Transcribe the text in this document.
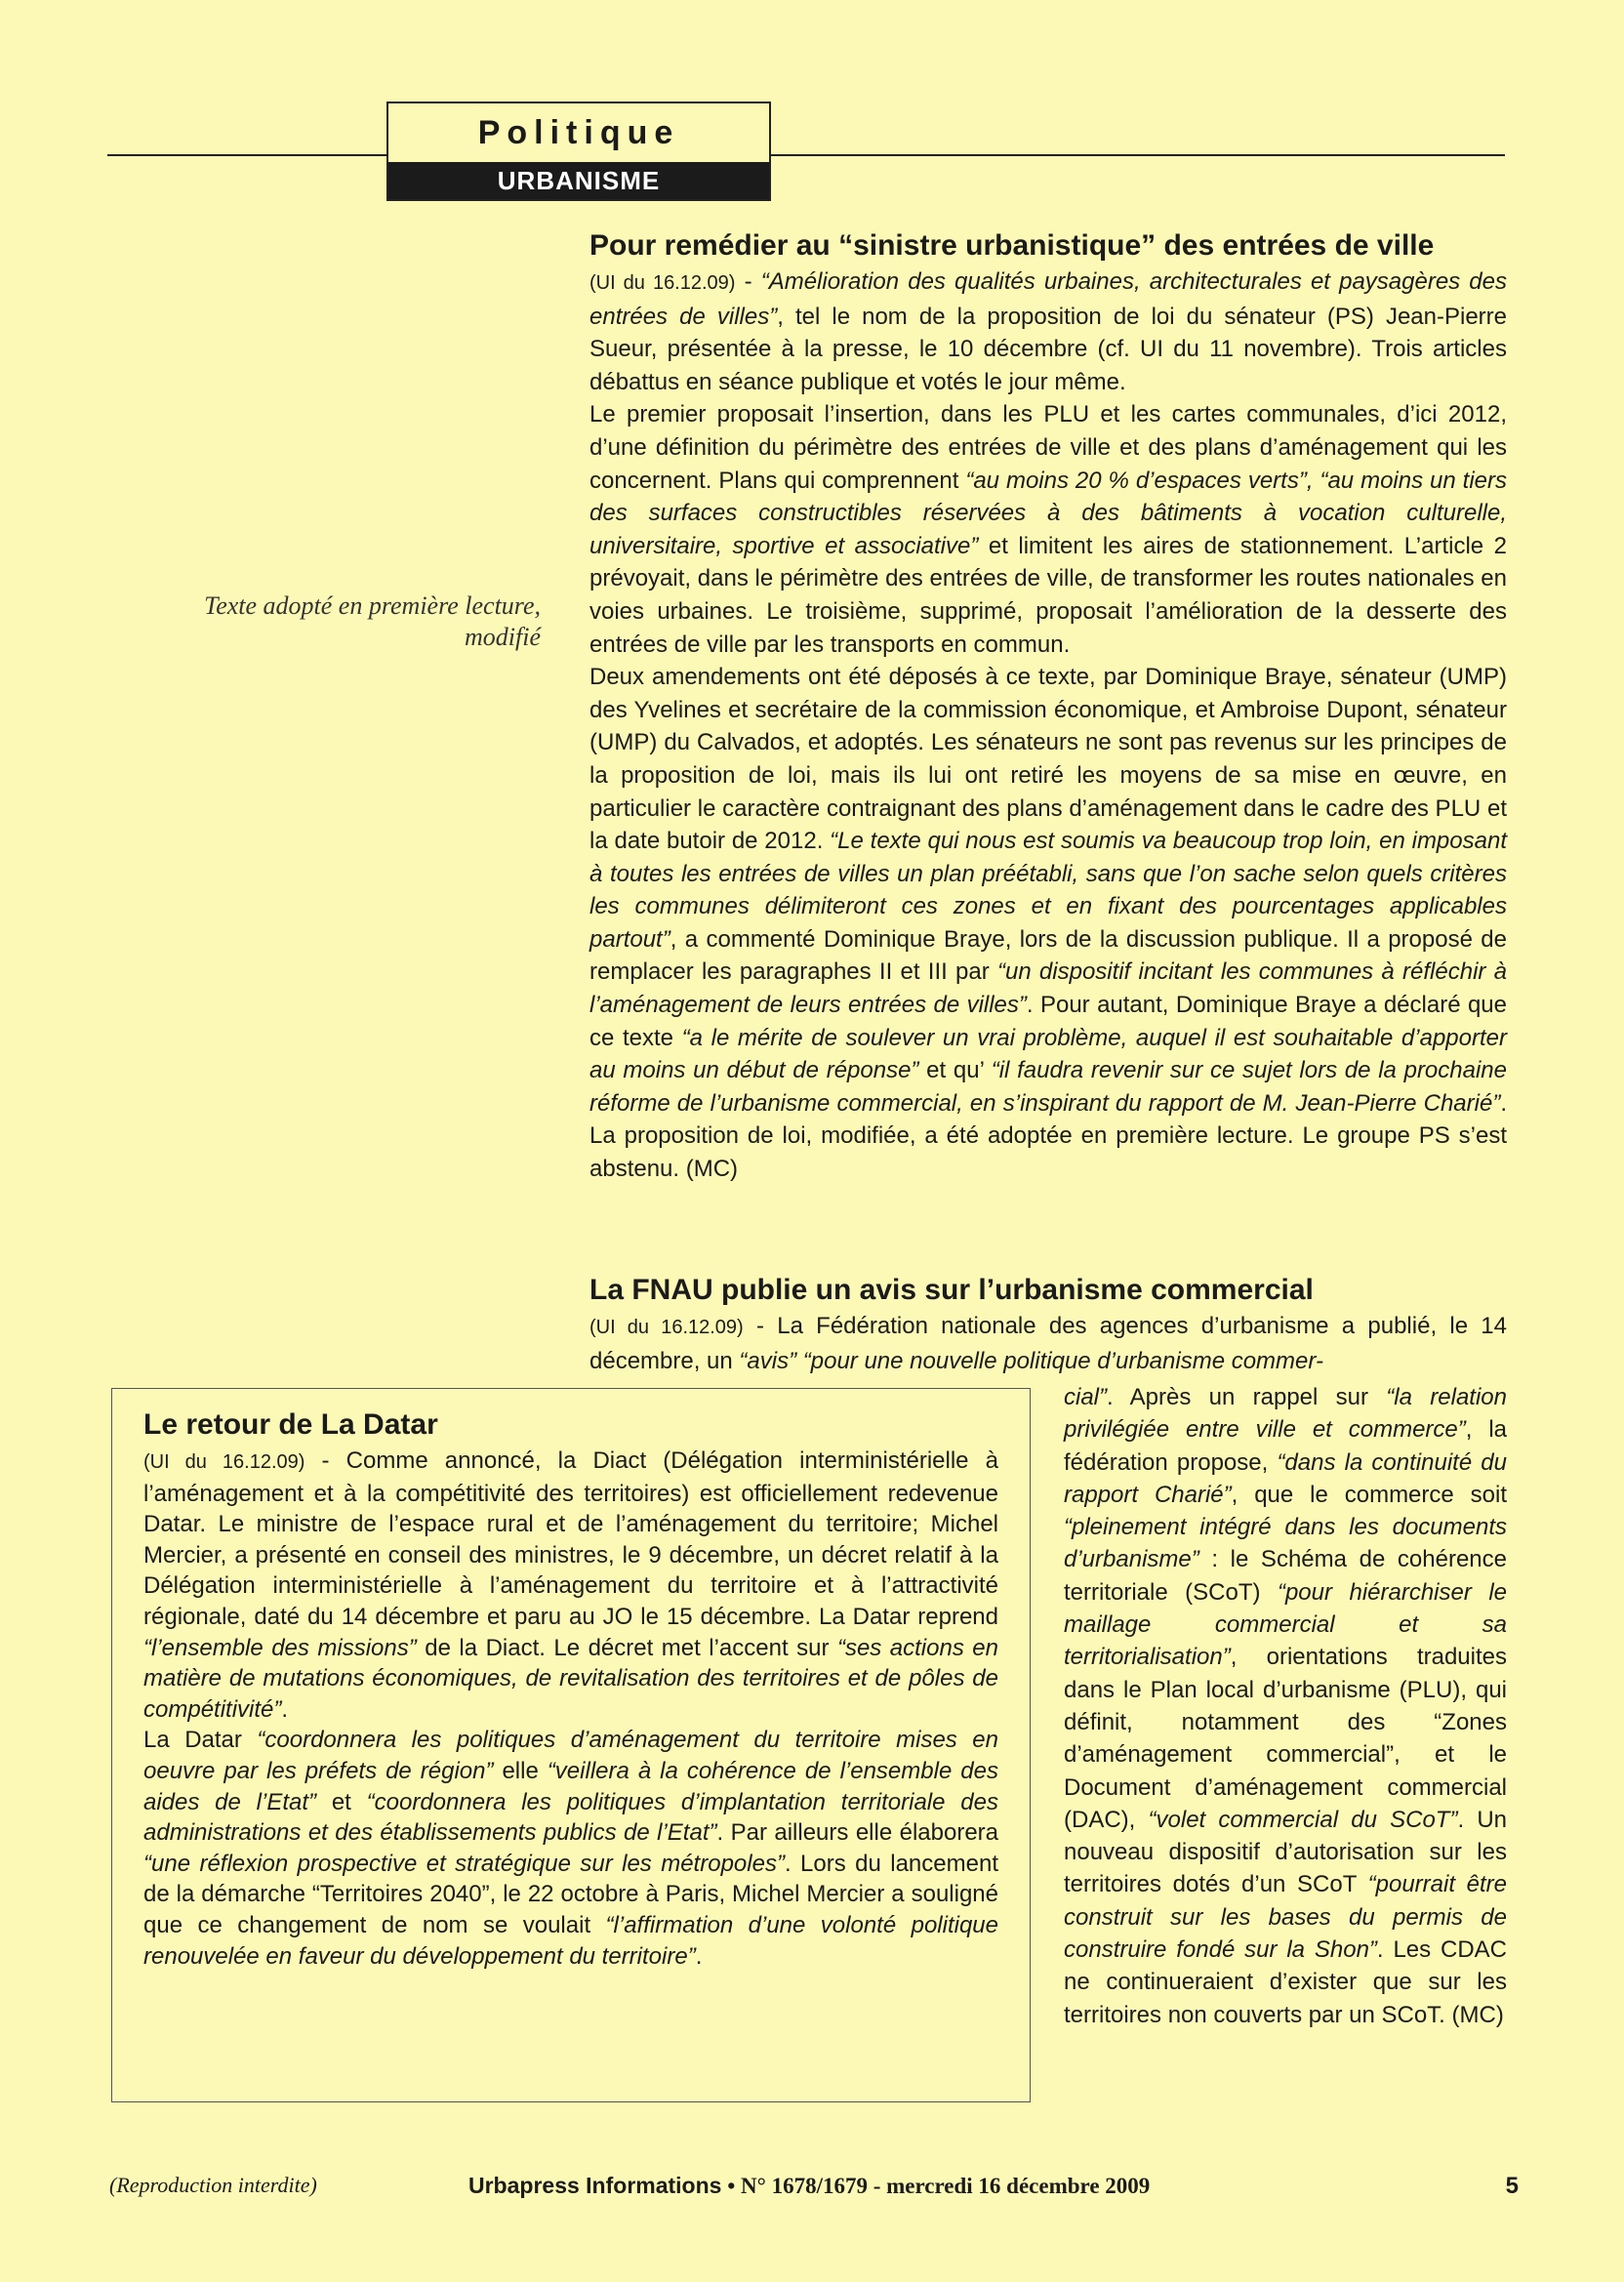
Politique
URBANISME
Pour remédier au “sinistre urbanistique” des entrées de ville

(UI du 16.12.09) - “Amélioration des qualités urbaines, architecturales et paysagères des entrées de villes”, tel le nom de la proposition de loi du sénateur (PS) Jean-Pierre Sueur, présentée à la presse, le 10 décembre (cf. UI du 11 novembre). Trois articles débattus en séance publique et votés le jour même.

Le premier proposait l’insertion, dans les PLU et les cartes communales, d’ici 2012, d’une définition du périmètre des entrées de ville et des plans d’aménagement qui les concernent. Plans qui comprennent “au moins 20 % d’espaces verts”, “au moins un tiers des surfaces constructibles réservées à des bâtiments à vocation culturelle, universitaire, sportive et associative” et limitent les aires de stationnement. L’article 2 prévoyait, dans le périmètre des entrées de ville, de transformer les routes nationales en voies urbaines. Le troisième, supprimé, proposait l’amélioration de la desserte des entrées de ville par les transports en commun.

Deux amendements ont été déposés à ce texte, par Dominique Braye, sénateur (UMP) des Yvelines et secrétaire de la commission économique, et Ambroise Dupont, sénateur (UMP) du Calvados, et adoptés. Les sénateurs ne sont pas revenus sur les principes de la proposition de loi, mais ils lui ont retiré les moyens de sa mise en œuvre, en particulier le caractère contraignant des plans d’aménagement dans le cadre des PLU et la date butoir de 2012. “Le texte qui nous est soumis va beaucoup trop loin, en imposant à toutes les entrées de villes un plan préétabli, sans que l’on sache selon quels critères les communes délimiteront ces zones et en fixant des pourcentages applicables partout”, a commenté Dominique Braye, lors de la discussion publique. Il a proposé de remplacer les paragraphes II et III par “un dispositif incitant les communes à réfléchir à l’aménagement de leurs entrées de villes”. Pour autant, Dominique Braye a déclaré que ce texte “a le mérite de soulever un vrai problème, auquel il est souhaitable d’apporter au moins un début de réponse” et qu’ “il faudra revenir sur ce sujet lors de la prochaine réforme de l’urbanisme commercial, en s’inspirant du rapport de M. Jean-Pierre Charié”. La proposition de loi, modifiée, a été adoptée en première lecture. Le groupe PS s’est abstenu. (MC)

Texte adopté en première lecture,
modifié
La FNAU publie un avis sur l’urbanisme commercial

(UI du 16.12.09) - La Fédération nationale des agences d’urbanisme a publié, le 14 décembre, un “avis” “pour une nouvelle politique d’urbanisme commer-

cial”. Après un rappel sur “la relation privilégiée entre ville et commerce”, la fédération propose, “dans la continuité du rapport Charié”, que le commerce soit “pleinement intégré dans les documents d’urbanisme” : le Schéma de cohérence territoriale (SCoT) “pour hiérarchiser le maillage commercial et sa territorialisation”, orientations traduites dans le Plan local d’urbanisme (PLU), qui définit, notamment des “Zones d’aménagement commercial”, et le Document d’aménagement commercial (DAC), “volet commercial du SCoT”. Un nouveau dispositif d’autorisation sur les territoires dotés d’un SCoT “pourrait être construit sur les bases du permis de construire fondé sur la Shon”. Les CDAC ne continueraient d’exister que sur les territoires non couverts par un SCoT. (MC)

Le retour de La Datar

(UI du 16.12.09) - Comme annoncé, la Diact (Délégation interministérielle à l’aménagement et à la compétitivité des territoires) est officiellement redevenue Datar. Le ministre de l’espace rural et de l’aménagement du territoire; Michel Mercier, a présenté en conseil des ministres, le 9 décembre, un décret relatif à la Délégation interministérielle à l’aménagement du territoire et à l’attractivité régionale, daté du 14 décembre et paru au JO le 15 décembre. La Datar reprend “l’ensemble des missions” de la Diact. Le décret met l’accent sur “ses actions en matière de mutations économiques, de revitalisation des territoires et de pôles de compétitivité”.

La Datar “coordonnera les politiques d’aménagement du territoire mises en oeuvre par les préfets de région” elle “veillera à la cohérence de l’ensemble des aides de l’Etat” et “coordonnera les politiques d’implantation territoriale des administrations et des établissements publics de l’Etat”. Par ailleurs elle élaborera “une réflexion prospective et stratégique sur les métropoles”. Lors du lancement de la démarche “Territoires 2040”, le 22 octobre à Paris, Michel Mercier a souligné que ce changement de nom se voulait “l’affirmation d’une volonté politique renouvelée en faveur du développement du territoire”.

(Reproduction interdite)	Urbapress Informations • N° 1678/1679 - mercredi 16 décembre 2009	5
